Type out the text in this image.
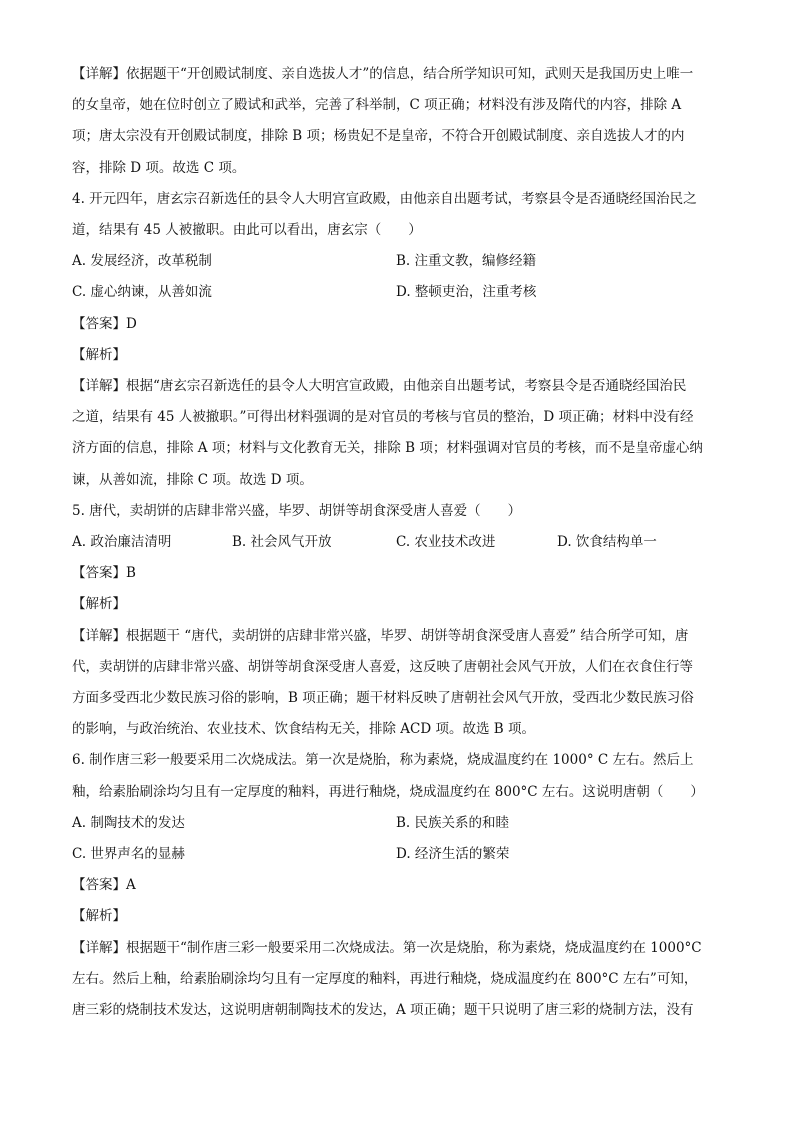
【详解】依据题干“开创殿试制度、亲自选拔人才”的信息，结合所学知识可知，武则天是我国历史上唯一
的女皇帝，她在位时创立了殿试和武举，完善了科举制，C 项正确；材料没有涉及隋代的内容，排除 A
项；唐太宗没有开创殿试制度，排除 B 项；杨贵妃不是皇帝，不符合开创殿试制度、亲自选拔人才的内
容，排除 D 项。故选 C 项。
4. 开元四年，唐玄宗召新选任的县令人大明宫宣政殿，由他亲自出题考试，考察县令是否通晓经国治民之
道，结果有 45 人被撤职。由此可以看出，唐玄宗（　　）
A. 发展经济，改革税制	B. 注重文教，编修经籍
C. 虚心纳谏，从善如流	D. 整顿吏治，注重考核
【答案】D
【解析】
【详解】根据“唐玄宗召新选任的县令人大明宫宣政殿，由他亲自出题考试，考察县令是否通晓经国治民
之道，结果有 45 人被撤职。”可得出材料强调的是对官员的考核与官员的整治，D 项正确；材料中没有经
济方面的信息，排除 A 项；材料与文化教育无关，排除 B 项；材料强调对官员的考核，而不是皇帝虚心纳
谏，从善如流，排除 C 项。故选 D 项。
5. 唐代，卖胡饼的店肆非常兴盛，毕罗、胡饼等胡食深受唐人喜爱（　　）
A. 政治廉洁清明	B. 社会风气开放	C. 农业技术改进	D. 饮食结构单一
【答案】B
【解析】
【详解】根据题干 “唐代，卖胡饼的店肆非常兴盛，毕罗、胡饼等胡食深受唐人喜爱” 结合所学可知，唐
代，卖胡饼的店肆非常兴盛、胡饼等胡食深受唐人喜爱，这反映了唐朝社会风气开放，人们在衣食住行等
方面多受西北少数民族习俗的影响，B 项正确；题干材料反映了唐朝社会风气开放，受西北少数民族习俗
的影响，与政治统治、农业技术、饮食结构无关，排除 ACD 项。故选 B 项。
6. 制作唐三彩一般要采用二次烧成法。第一次是烧胎，称为素烧，烧成温度约在 1000° C 左右。然后上
釉，给素胎刷涂均匀且有一定厚度的釉料，再进行釉烧，烧成温度约在 800°C 左右。这说明唐朝（　　）
A. 制陶技术的发达	B. 民族关系的和睦
C. 世界声名的显赫	D. 经济生活的繁荣
【答案】A
【解析】
【详解】根据题干“制作唐三彩一般要采用二次烧成法。第一次是烧胎，称为素烧，烧成温度约在 1000°C
左右。然后上釉，给素胎刷涂均匀且有一定厚度的釉料，再进行釉烧，烧成温度约在 800°C 左右”可知，
唐三彩的烧制技术发达，这说明唐朝制陶技术的发达，A 项正确；题干只说明了唐三彩的烧制方法，没有
